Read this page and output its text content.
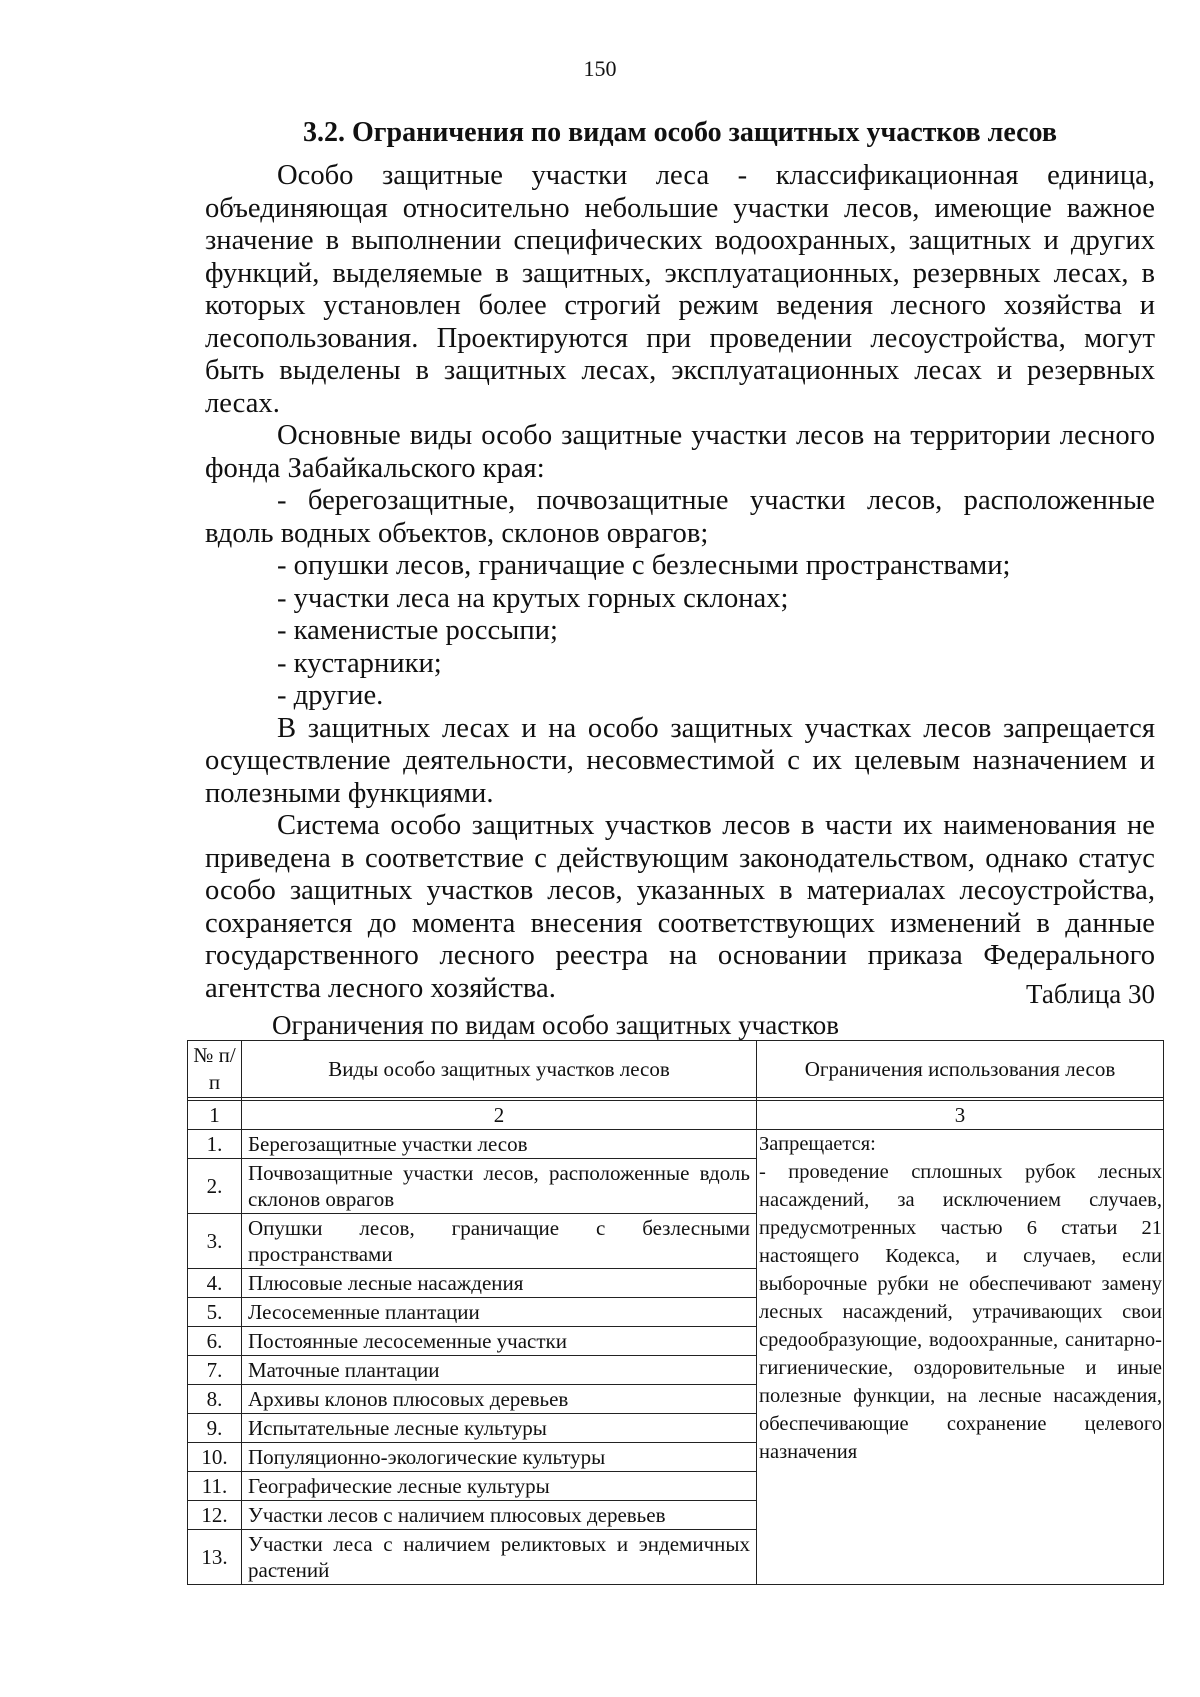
150
3.2. Ограничения по видам особо защитных участков лесов

Особо защитные участки леса - классификационная единица, объединяющая относительно небольшие участки лесов, имеющие важное значение в выполнении специфических водоохранных, защитных и других функций, выделяемые в защитных, эксплуатационных, резервных лесах, в которых установлен более строгий режим ведения лесного хозяйства и лесопользования. Проектируются при проведении лесоустройства, могут быть выделены в защитных лесах, эксплуатационных лесах и резервных лесах.

Основные виды особо защитные участки лесов на территории лесного фонда Забайкальского края:

- берегозащитные, почвозащитные участки лесов, расположенные вдоль водных объектов, склонов оврагов;

- опушки лесов, граничащие с безлесными пространствами;

- участки леса на крутых горных склонах;

- каменистые россыпи;

- кустарники;

- другие.

В защитных лесах и на особо защитных участках лесов запрещается осуществление деятельности, несовместимой с их целевым назначением и полезными функциями.

Система особо защитных участков лесов в части их наименования не приведена в соответствие с действующим законодательством, однако статус особо защитных участков лесов, указанных в материалах лесоустройства, сохраняется до момента внесения соответствующих изменений в данные государственного лесного реестра на основании приказа Федерального агентства лесного хозяйства.	Таблица 30
Ограничения по видам особо защитных участков
№ п/п	Виды особо защитных участков лесов	Ограничения использования лесов

1	2	3
1.	Берегозащитные участки лесов	Запрещается:
- проведение сплошных рубок лесных насаждений, за исключением случаев, предусмотренных частью 6 статьи 21 настоящего Кодекса, и случаев, если выборочные рубки не обеспечивают замену лесных насаждений, утрачивающих свои средообразующие, водоохранные, санитарно-гигиенические, оздоровительные и иные полезные функции, на лесные насаждения, обеспечивающие сохранение целевого назначения

2.	Почвозащитные участки лесов, расположенные вдоль склонов оврагов	
3.	Опушки лесов, граничащие с безлесными пространствами	
4.	Плюсовые лесные насаждения	
5.	Лесосеменные плантации	
6.	Постоянные лесосеменные участки	
7.	Маточные плантации	
8.	Архивы клонов плюсовых деревьев	
9.	Испытательные лесные культуры	
10.	Популяционно-экологические культуры	
11.	Географические лесные культуры	
12.	Участки лесов с наличием плюсовых деревьев	
13.	Участки леса с наличием реликтовых и эндемичных растений	
